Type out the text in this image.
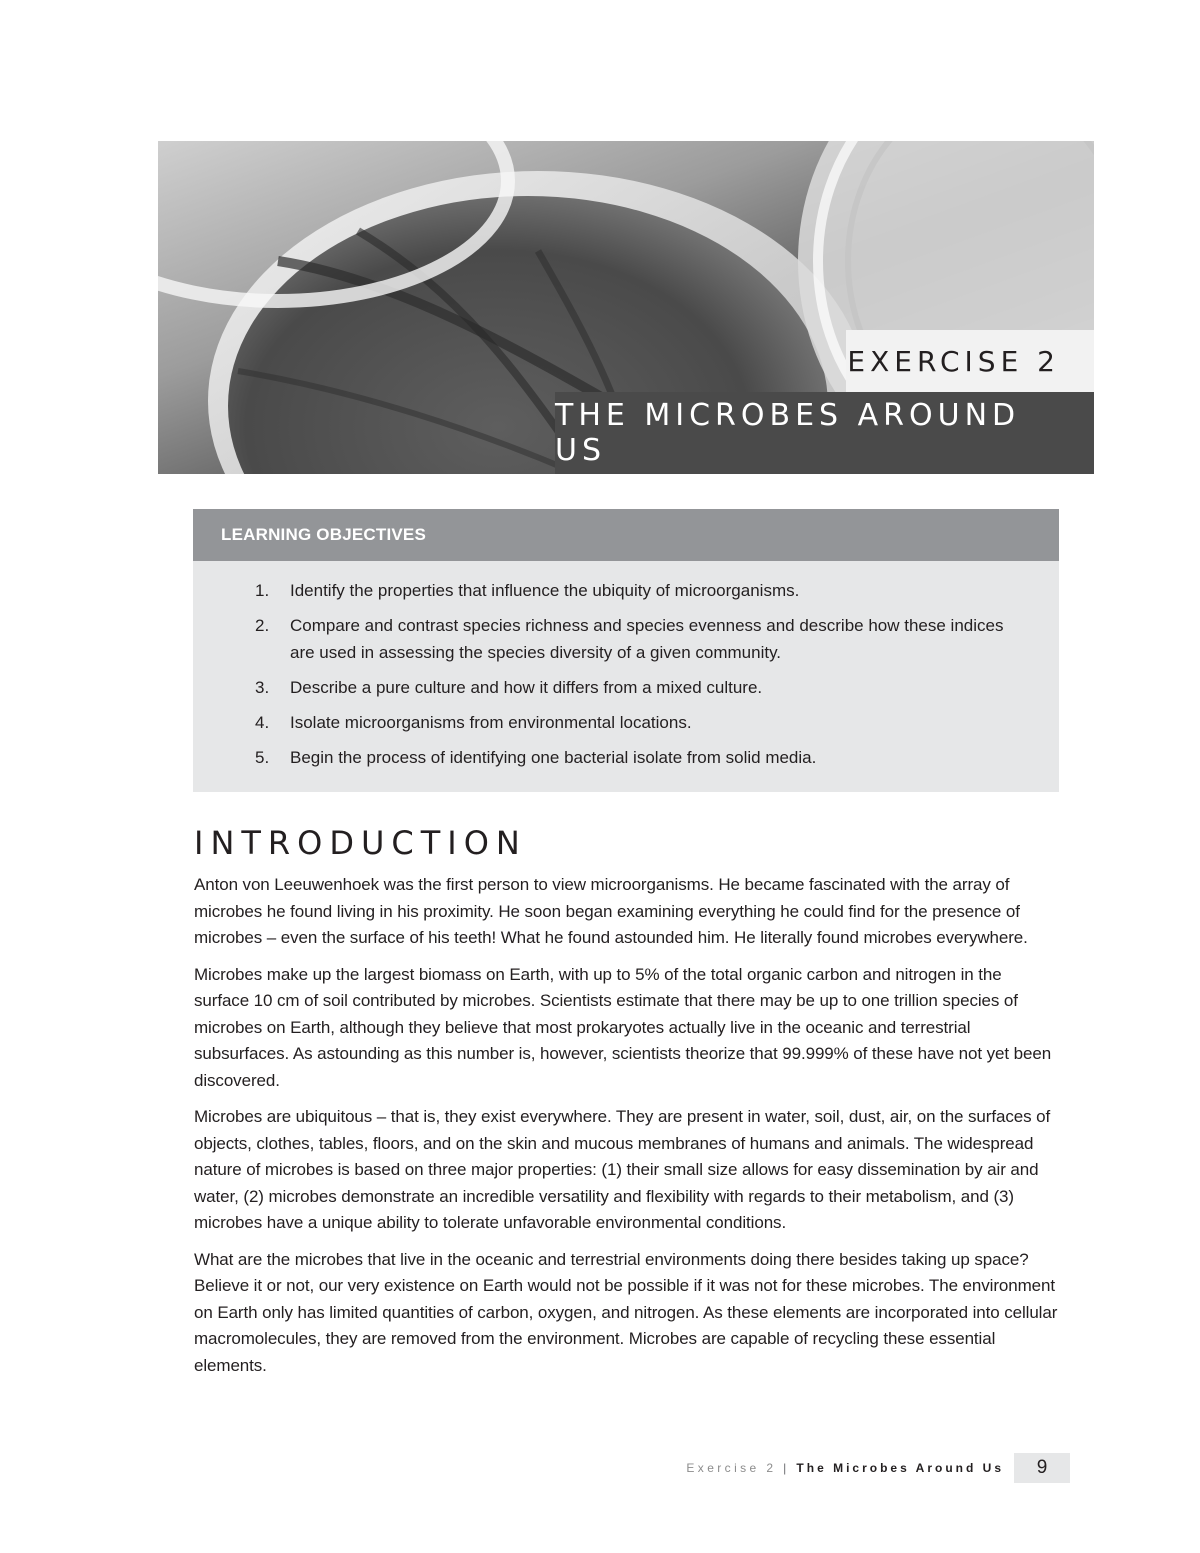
EXERCISE 2
THE MICROBES AROUND US
LEARNING OBJECTIVES
1. Identify the properties that influence the ubiquity of microorganisms.
2. Compare and contrast species richness and species evenness and describe how these indices are used in assessing the species diversity of a given community.
3. Describe a pure culture and how it differs from a mixed culture.
4. Isolate microorganisms from environmental locations.
5. Begin the process of identifying one bacterial isolate from solid media.
INTRODUCTION

Anton von Leeuwenhoek was the first person to view microorganisms. He became fascinated with the array of microbes he found living in his proximity. He soon began examining everything he could find for the presence of microbes – even the surface of his teeth! What he found astounded him. He literally found microbes everywhere.

Microbes make up the largest biomass on Earth, with up to 5% of the total organic carbon and nitrogen in the surface 10 cm of soil contributed by microbes. Scientists estimate that there may be up to one trillion species of microbes on Earth, although they believe that most prokaryotes actually live in the oceanic and terrestrial subsurfaces. As astounding as this number is, however, scientists theorize that 99.999% of these have not yet been discovered.

Microbes are ubiquitous – that is, they exist everywhere. They are present in water, soil, dust, air, on the surfaces of objects, clothes, tables, floors, and on the skin and mucous membranes of humans and animals. The widespread nature of microbes is based on three major properties: (1) their small size allows for easy dissemination by air and water, (2) microbes demonstrate an incredible versatility and flexibility with regards to their metabolism, and (3) microbes have a unique ability to tolerate unfavorable environmental conditions.

What are the microbes that live in the oceanic and terrestrial environments doing there besides taking up space? Believe it or not, our very existence on Earth would not be possible if it was not for these microbes. The environment on Earth only has limited quantities of carbon, oxygen, and nitrogen. As these elements are incorporated into cellular macromolecules, they are removed from the environment. Microbes are capable of recycling these essential elements.

Exercise 2 | The Microbes Around Us 9
